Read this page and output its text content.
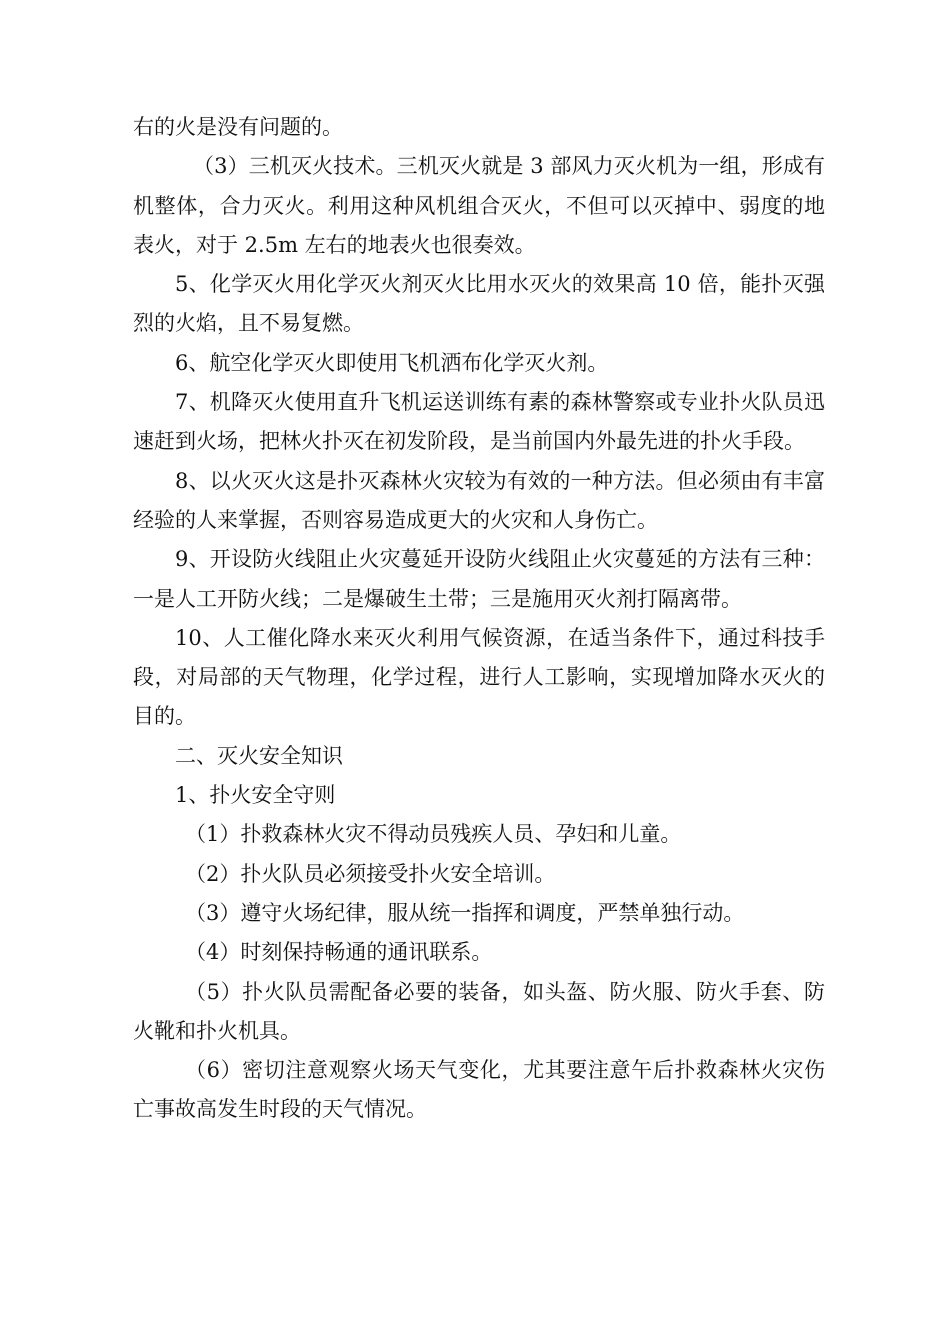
右的火是没有问题的。

（3）三机灭火技术。三机灭火就是 3 部风力灭火机为一组，形成有机整体，合力灭火。利用这种风机组合灭火，不但可以灭掉中、弱度的地表火，对于 2.5m 左右的地表火也很奏效。

5、化学灭火用化学灭火剂灭火比用水灭火的效果高 10 倍，能扑灭强烈的火焰，且不易复燃。

6、航空化学灭火即使用飞机洒布化学灭火剂。

7、机降灭火使用直升飞机运送训练有素的森林警察或专业扑火队员迅速赶到火场，把林火扑灭在初发阶段，是当前国内外最先进的扑火手段。

8、以火灭火这是扑灭森林火灾较为有效的一种方法。但必须由有丰富经验的人来掌握，否则容易造成更大的火灾和人身伤亡。

9、开设防火线阻止火灾蔓延开设防火线阻止火灾蔓延的方法有三种：一是人工开防火线；二是爆破生土带；三是施用灭火剂打隔离带。

10、人工催化降水来灭火利用气候资源，在适当条件下，通过科技手段，对局部的天气物理，化学过程，进行人工影响，实现增加降水灭火的目的。

二、灭火安全知识

1、扑火安全守则

（1）扑救森林火灾不得动员残疾人员、孕妇和儿童。

（2）扑火队员必须接受扑火安全培训。

（3）遵守火场纪律，服从统一指挥和调度，严禁单独行动。

（4）时刻保持畅通的通讯联系。

（5）扑火队员需配备必要的装备，如头盔、防火服、防火手套、防火靴和扑火机具。

（6）密切注意观察火场天气变化，尤其要注意午后扑救森林火灾伤亡事故高发生时段的天气情况。
